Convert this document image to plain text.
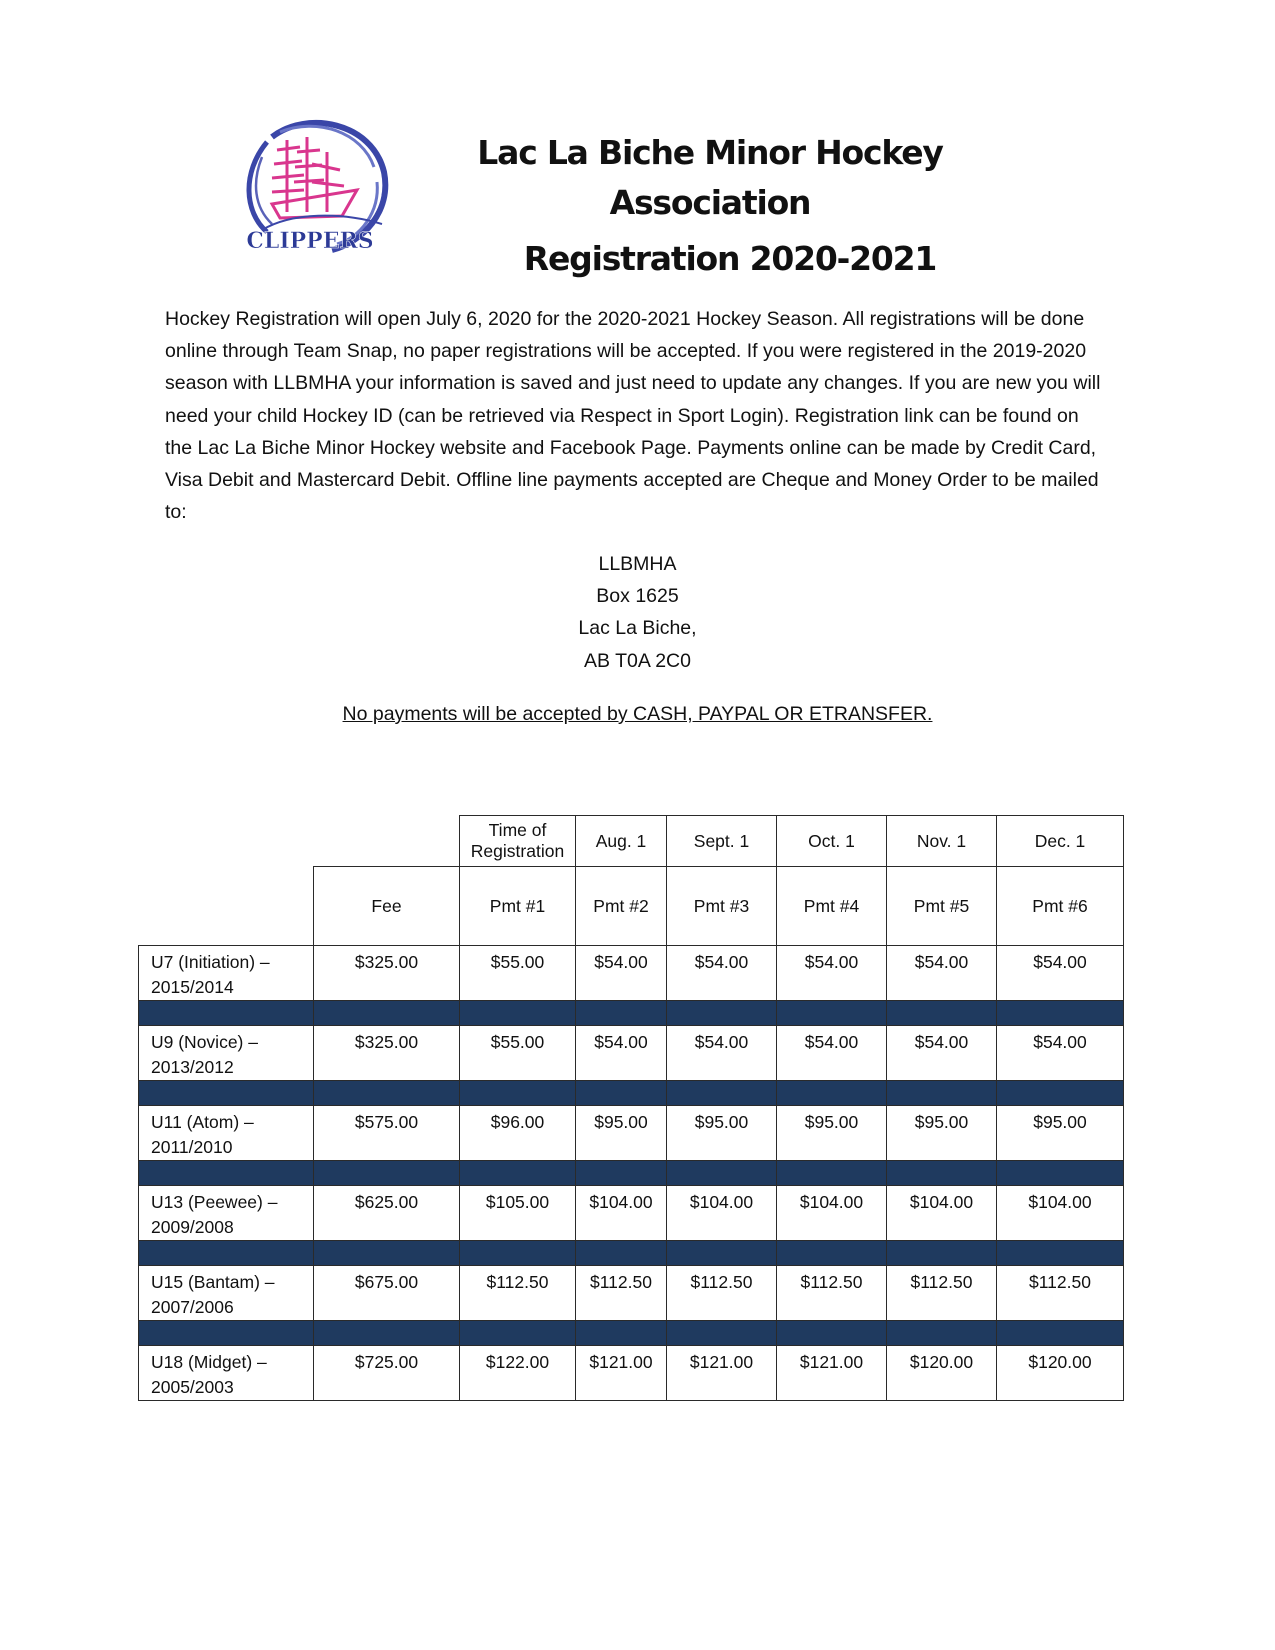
CLIPPERS
Lac La Biche Minor Hockey Association
Registration 2020-2021

Hockey Registration will open July 6, 2020 for the 2020-2021 Hockey Season. All registrations will be done online through Team Snap, no paper registrations will be accepted. If you were registered in the 2019-2020 season with LLBMHA your information is saved and just need to update any changes. If you are new you will need your child Hockey ID (can be retrieved via Respect in Sport Login). Registration link can be found on the Lac La Biche Minor Hockey website and Facebook Page. Payments online can be made by Credit Card, Visa Debit and Mastercard Debit. Offline line payments accepted are Cheque and Money Order to be mailed to:

LLBMHA
Box 1625
Lac La Biche,
AB T0A 2C0
No payments will be accepted by CASH, PAYPAL OR ETRANSFER.
		Time of Registration	Aug. 1	Sept. 1	Oct. 1	Nov. 1	Dec. 1
	Fee	Pmt #1	Pmt #2	Pmt #3	Pmt #4	Pmt #5	Pmt #6

U7 (Initiation) –
2015/2014	$325.00	$55.00	$54.00	$54.00	$54.00	$54.00	$54.00

U9 (Novice) –
2013/2012	$325.00	$55.00	$54.00	$54.00	$54.00	$54.00	$54.00

U11 (Atom) –
2011/2010	$575.00	$96.00	$95.00	$95.00	$95.00	$95.00	$95.00

U13 (Peewee) –
2009/2008	$625.00	$105.00	$104.00	$104.00	$104.00	$104.00	$104.00

U15 (Bantam) –
2007/2006	$675.00	$112.50	$112.50	$112.50	$112.50	$112.50	$112.50

U18 (Midget) –
2005/2003	$725.00	$122.00	$121.00	$121.00	$121.00	$120.00	$120.00
